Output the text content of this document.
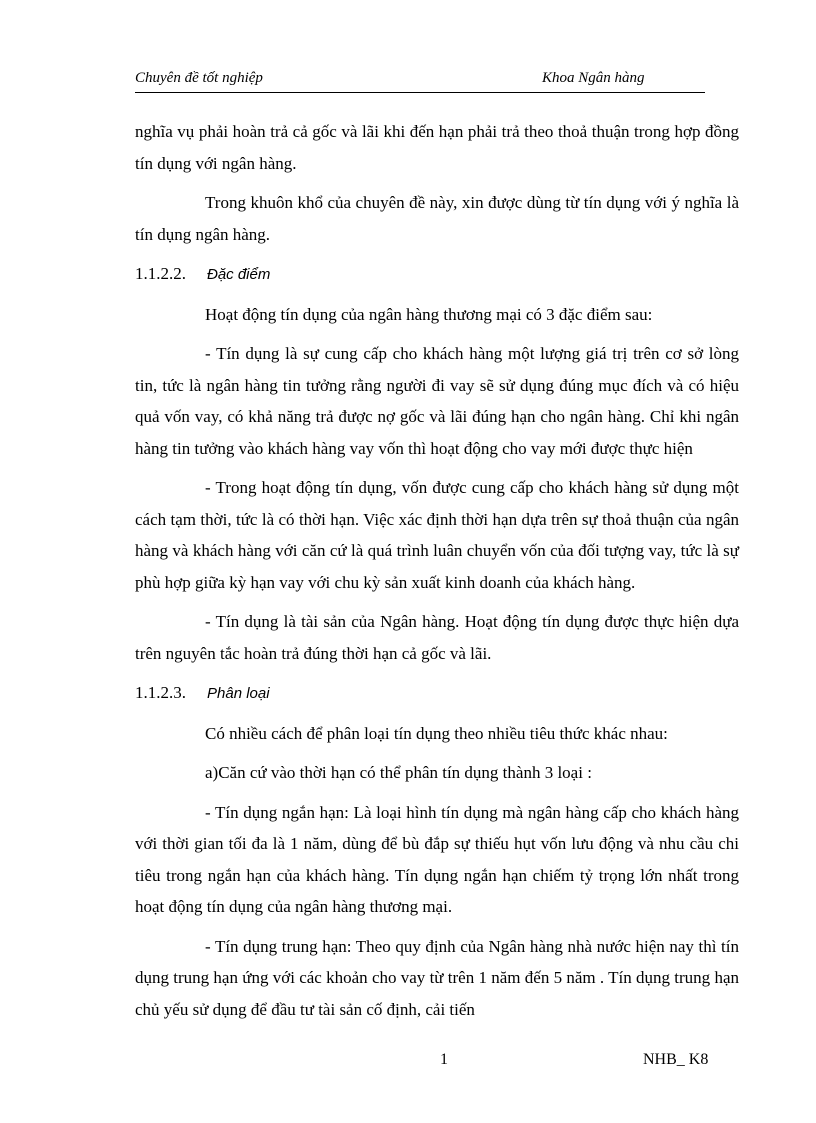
Chuyên đề tốt nghiệp	Khoa Ngân hàng

nghĩa vụ phải hoàn trả cả gốc và lãi khi đến hạn phải trả theo thoả thuận trong hợp đồng tín dụng với ngân hàng.

Trong khuôn khổ của chuyên đề này, xin được dùng từ tín dụng với ý nghĩa là tín dụng ngân hàng.

1.1.2.2. Đặc điểm

Hoạt động tín dụng của ngân hàng thương mại có 3 đặc điểm sau:

- Tín dụng là sự cung cấp cho khách hàng một lượng giá trị trên cơ sở lòng tin, tức là ngân hàng tin tưởng rằng người đi vay sẽ sử dụng đúng mục đích và có hiệu quả vốn vay, có khả năng trả được nợ gốc và lãi đúng hạn cho ngân hàng. Chỉ khi ngân hàng tin tưởng vào khách hàng vay vốn thì hoạt động cho vay mới được thực hiện

- Trong hoạt động tín dụng, vốn được cung cấp cho khách hàng sử dụng một cách tạm thời, tức là có thời hạn. Việc xác định thời hạn dựa trên sự thoả thuận của ngân hàng và khách hàng với căn cứ là quá trình luân chuyển vốn của đối tượng vay, tức là sự phù hợp giữa kỳ hạn vay với chu kỳ sản xuất kinh doanh của khách hàng.

- Tín dụng là tài sản của Ngân hàng. Hoạt động tín dụng được thực hiện dựa trên nguyên tắc hoàn trả đúng thời hạn cả gốc và lãi.

1.1.2.3. Phân loại

Có nhiều cách để phân loại tín dụng theo nhiều tiêu thức khác nhau:

a)Căn cứ vào thời hạn có thể phân tín dụng thành 3 loại :

- Tín dụng ngắn hạn: Là loại hình tín dụng mà ngân hàng cấp cho khách hàng với thời gian tối đa là 1 năm, dùng để bù đắp sự thiếu hụt vốn lưu động và nhu cầu chi tiêu trong ngắn hạn của khách hàng. Tín dụng ngắn hạn chiếm tỷ trọng lớn nhất trong hoạt động tín dụng của ngân hàng thương mại.

- Tín dụng trung hạn: Theo quy định của Ngân hàng nhà nước hiện nay thì tín dụng trung hạn ứng với các khoản cho vay từ trên 1 năm đến 5 năm . Tín dụng trung hạn chủ yếu sử dụng để đầu tư tài sản cố định, cải tiến

1	NHB_ K8
